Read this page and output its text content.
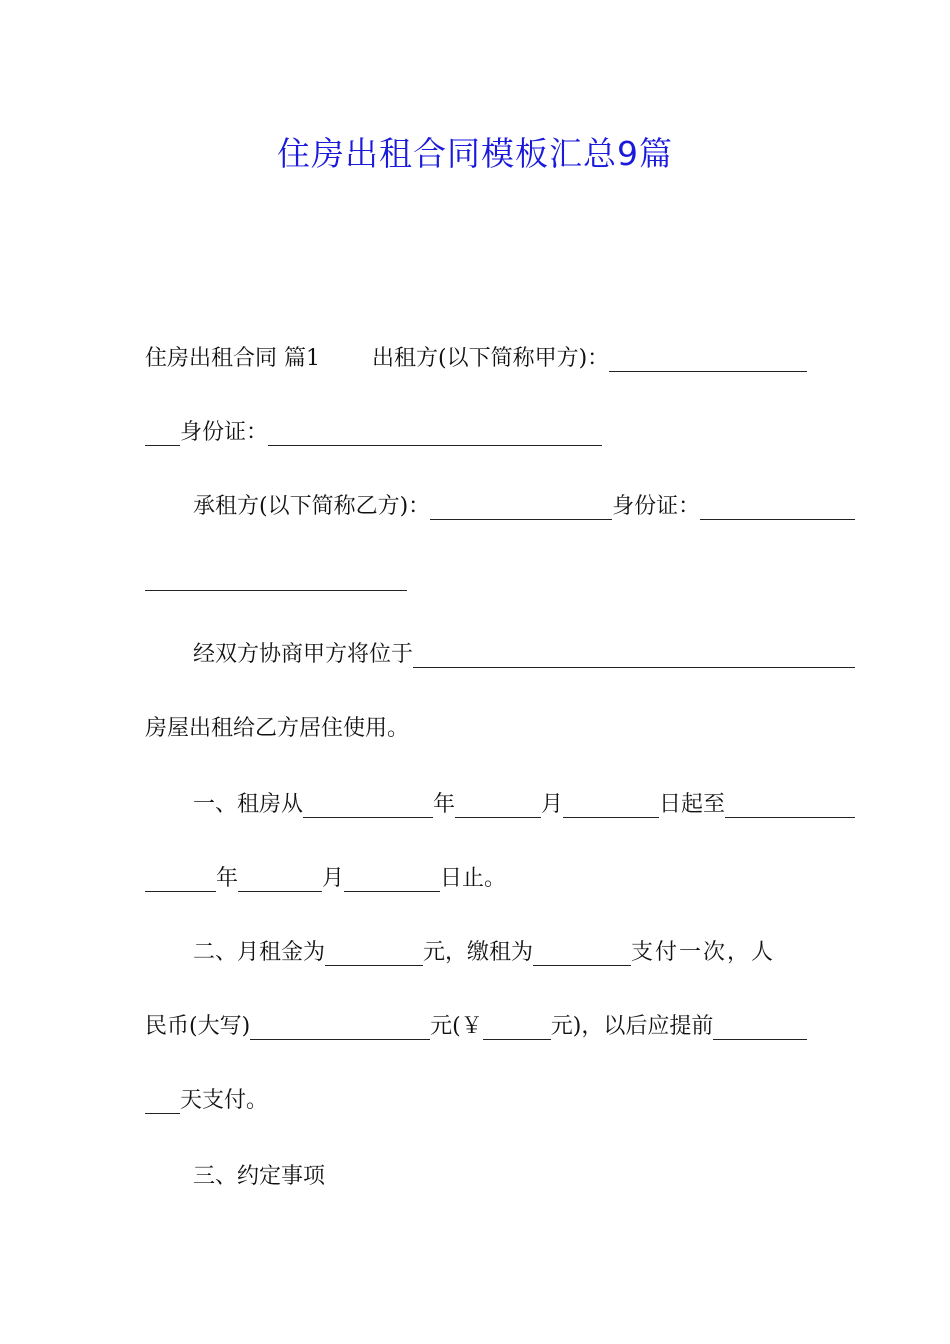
住房出租合同模板汇总9篇
住房出租合同 篇1 出租方(以下简称甲方)：
身份证：
承租方(以下简称乙方)：	身份证：
经双方协商甲方将位于
房屋出租给乙方居住使用。
一、租房从	年	月	日起至
年	月	日止。
二、月租金为	元，缴租为	支付一次，人
民币(大写)	元(￥	元)，以后应提前
天支付。
三、约定事项
